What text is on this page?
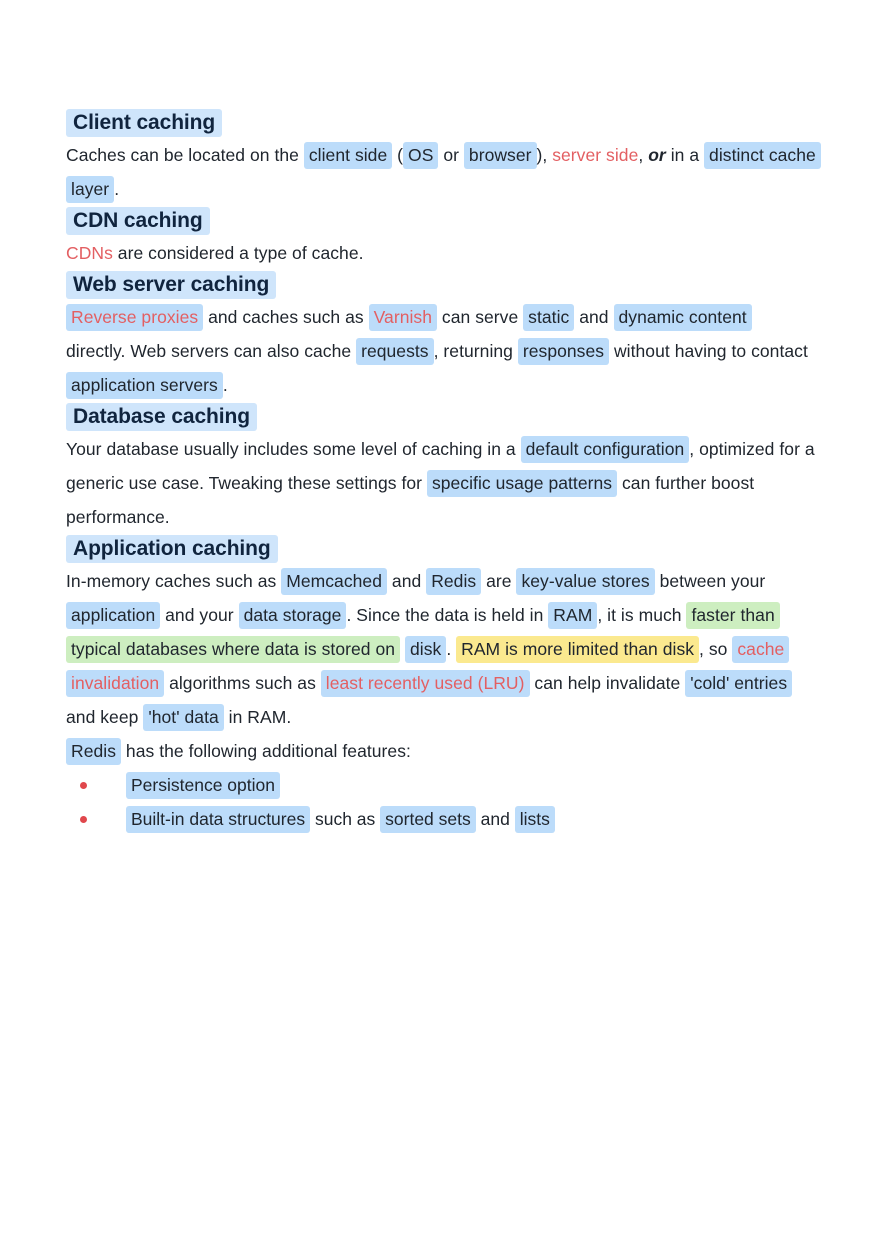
Client caching

Caches can be located on the client side ( OS or browser ), server side, or in a distinct cache layer .

CDN caching

CDNs are considered a type of cache.

Web server caching

Reverse proxies and caches such as Varnish can serve static and dynamic content directly. Web servers can also cache requests , returning responses without having to contact application servers .

Database caching

Your database usually includes some level of caching in a default configuration , optimized for a generic use case. Tweaking these settings for specific usage patterns can further boost performance.

Application caching

In-memory caches such as Memcached and Redis are key-value stores between your application and your data storage . Since the data is held in RAM , it is much faster than typical databases where data is stored on disk . RAM is more limited than disk , so cache invalidation algorithms such as least recently used (LRU) can help invalidate 'cold' entries and keep 'hot' data in RAM.

Redis has the following additional features:

Persistence option
Built-in data structures such as sorted sets and lists
